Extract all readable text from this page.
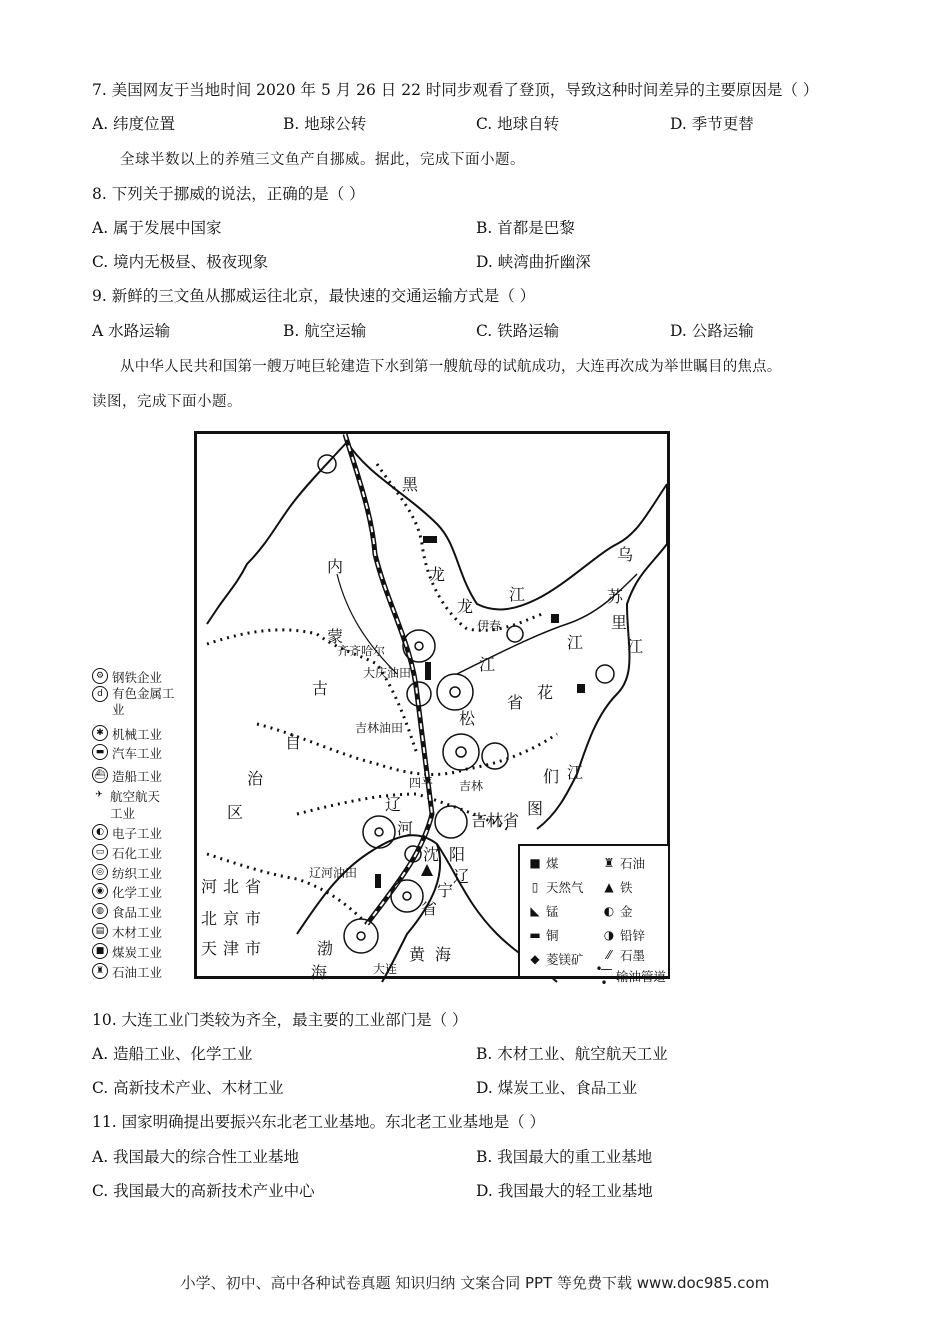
7. 美国网友于当地时间 2020 年 5 月 26 日 22 时同步观看了登顶，导致这种时间差异的主要原因是（ ）
A. 纬度位置	B. 地球公转	C. 地球自转	D. 季节更替
全球半数以上的养殖三文鱼产自挪威。据此，完成下面小题。
8. 下列关于挪威的说法，正确的是（ ）
A. 属于发展中国家	B. 首都是巴黎
C. 境内无极昼、极夜现象	D. 峡湾曲折幽深
9. 新鲜的三文鱼从挪威运往北京，最快速的交通运输方式是（ ）
A 水路运输	B. 航空运输	C. 铁路运输	D. 公路运输
从中华人民共和国第一艘万吨巨轮建造下水到第一艘航母的试航成功，大连再次成为举世瞩目的焦点。
读图，完成下面小题。
⚙ 钢铁企业
d 有色金属工业
✱ 机械工业
▬ 汽车工业
⛴ 造船工业
✈ 航空航天工业
◐ 电子工业
▭ 石化工业
◎ 纺织工业
◉ 化学工业
◍ 食品工业
▤ 木材工业
■ 煤炭工业
♜ 石油工业
黑
龙
江
龙
江
省
内
蒙
古
自
治
区
乌
苏
里
江
花
江
们
图
辽
河
松
吉林省
沈 阳
辽
宁
省
渤
海
黄 海
河北省
北京市
天津市
江
伊春
齐齐哈尔
大庆油田
吉林油田
四平 吉林
辽河油田
大连
■ 煤	♜ 石油
▯ 天然气 ▲ 铁
◣ 锰	◐ 金
▬ 铜	◑ 铅锌
◆ 菱镁矿	⁄⁄ 石墨
•—• 输油管道
10. 大连工业门类较为齐全，最主要的工业部门是（ ）
A. 造船工业、化学工业	B. 木材工业、航空航天工业
C. 高新技术产业、木材工业	D. 煤炭工业、食品工业
11. 国家明确提出要振兴东北老工业基地。东北老工业基地是（ ）
A. 我国最大的综合性工业基地	B. 我国最大的重工业基地
C. 我国最大的高新技术产业中心	D. 我国最大的轻工业基地
小学、初中、高中各种试卷真题 知识归纳 文案合同 PPT 等免费下载 www.doc985.com
